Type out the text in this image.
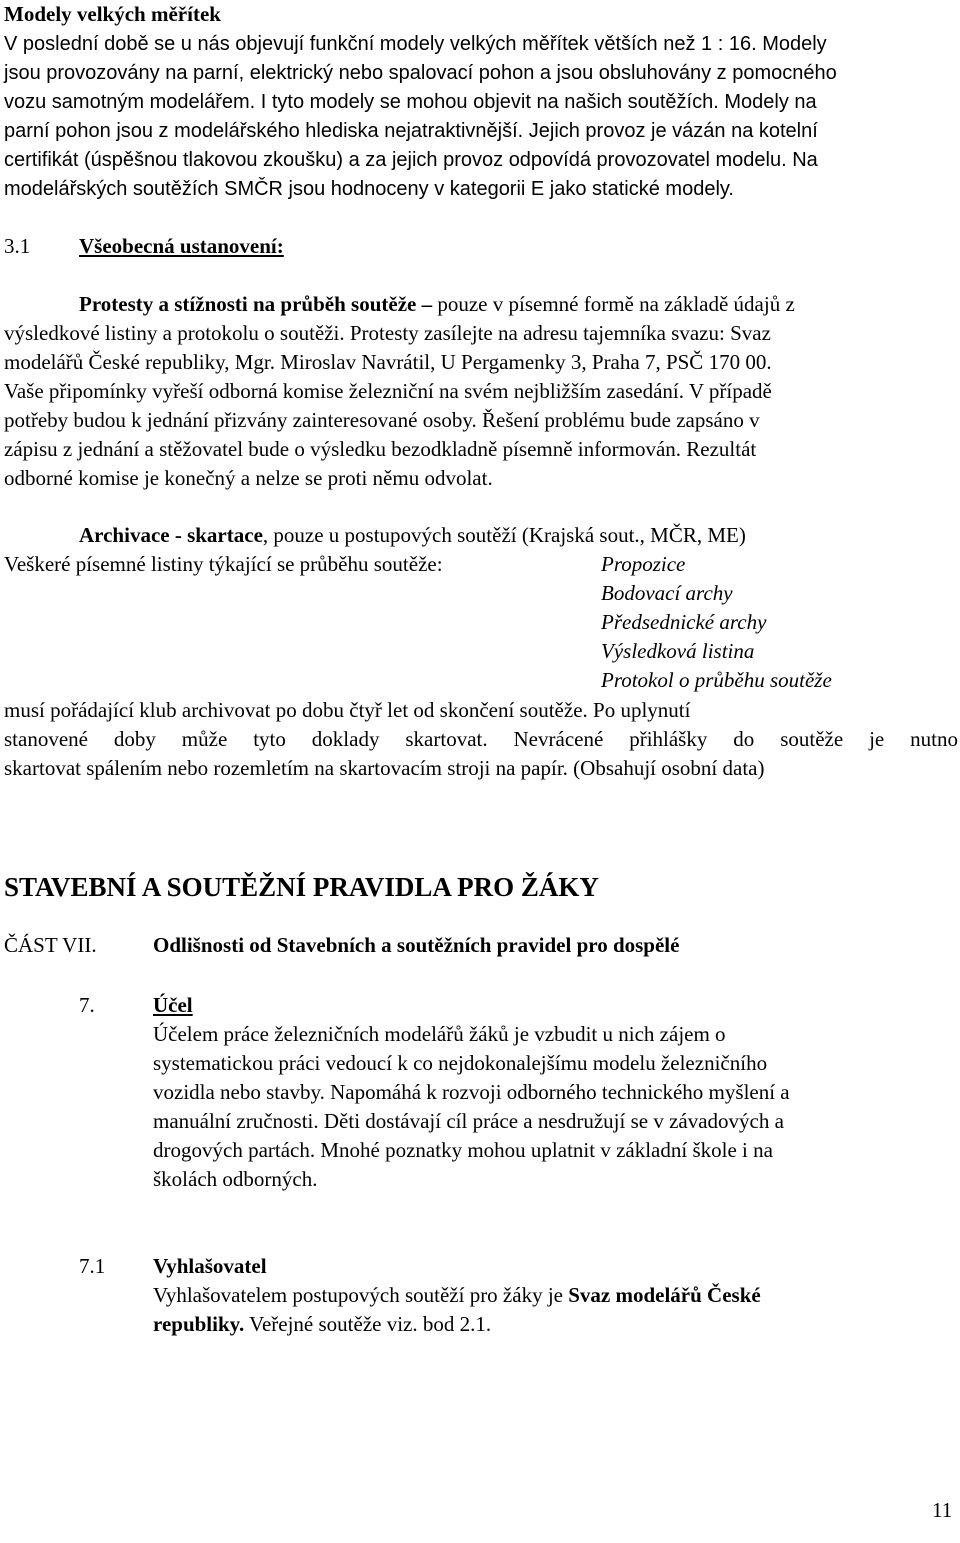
Modely velkých měřítek
V poslední době se u nás objevují funkční modely velkých měřítek větších než 1 : 16. Modely
jsou provozovány na parní, elektrický nebo spalovací pohon a jsou obsluhovány z pomocného
vozu samotným modelářem. I tyto modely se mohou objevit na našich soutěžích. Modely na
parní pohon jsou z modelářského hlediska nejatraktivnější. Jejich provoz je vázán na kotelní
certifikát (úspěšnou tlakovou zkoušku) a za jejich provoz odpovídá provozovatel modelu. Na
modelářských soutěžích SMČR jsou hodnoceny v kategorii E jako statické modely.
3.1 Všeobecná ustanovení:
Protesty a stížnosti na průběh soutěže – pouze v písemné formě na základě údajů z
výsledkové listiny a protokolu o soutěži. Protesty zasílejte na adresu tajemníka svazu: Svaz
modelářů České republiky, Mgr. Miroslav Navrátil, U Pergamenky 3, Praha 7, PSČ 170 00.
Vaše připomínky vyřeší odborná komise železniční na svém nejbližším zasedání. V případě
potřeby budou k jednání přizvány zainteresované osoby. Řešení problému bude zapsáno v
zápisu z jednání a stěžovatel bude o výsledku bezodkladně písemně informován. Rezultát
odborné komise je konečný a nelze se proti němu odvolat.
Archivace - skartace, pouze u postupových soutěží (Krajská sout., MČR, ME)
Veškeré písemné listiny týkající se průběhu soutěže:	Propozice
Bodovací archy
Předsednické archy
Výsledková listina
Protokol o průběhu soutěže
musí pořádající klub archivovat po dobu čtyř let od skončení soutěže. Po uplynutí
stanovené doby může tyto doklady skartovat. Nevrácené přihlášky do soutěže je nutno
skartovat spálením nebo rozemletím na skartovacím stroji na papír. (Obsahují osobní data)
STAVEBNÍ A SOUTĚŽNÍ PRAVIDLA PRO ŽÁKY
ČÁST VII.	Odlišnosti od Stavebních a soutěžních pravidel pro dospělé
7.	Účel
Účelem práce železničních modelářů žáků je vzbudit u nich zájem o
systematickou práci vedoucí k co nejdokonalejšímu modelu železničního
vozidla nebo stavby. Napomáhá k rozvoji odborného technického myšlení a
manuální zručnosti. Děti dostávají cíl práce a nesdružují se v závadových a
drogových partách. Mnohé poznatky mohou uplatnit v základní škole i na
školách odborných.
7.1 Vyhlašovatel
Vyhlašovatelem postupových soutěží pro žáky je Svaz modelářů České
republiky. Veřejné soutěže viz. bod 2.1.
11
